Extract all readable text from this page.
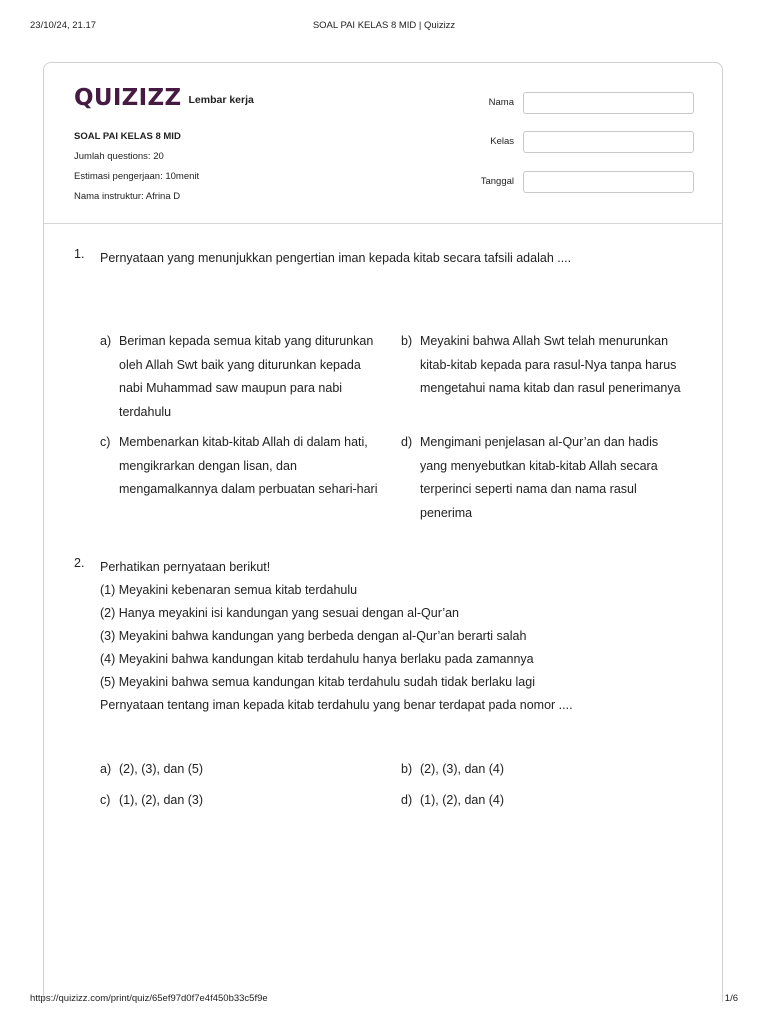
23/10/24, 21.17	SOAL PAI KELAS 8 MID | Quizizz
QUIZIZZ Lembar kerja
SOAL PAI KELAS 8 MID
Jumlah questions: 20
Estimasi pengerjaan: 10menit
Nama instruktur: Afrina D
Nama
Kelas
Tanggal
1. Pernyataan yang menunjukkan pengertian iman kepada kitab secara tafsili adalah ....
a) Beriman kepada semua kitab yang diturunkan
oleh Allah Swt baik yang diturunkan kepada
nabi Muhammad saw maupun para nabi
terdahulu
b) Meyakini bahwa Allah Swt telah menurunkan
kitab-kitab kepada para rasul-Nya tanpa harus
mengetahui nama kitab dan rasul penerimanya
c) Membenarkan kitab-kitab Allah di dalam hati,
mengikrarkan dengan lisan, dan
mengamalkannya dalam perbuatan sehari-hari
d) Mengimani penjelasan al-Qur’an dan hadis
yang menyebutkan kitab-kitab Allah secara
terperinci seperti nama dan nama rasul
penerima
2. Perhatikan pernyataan berikut!
(1) Meyakini kebenaran semua kitab terdahulu
(2) Hanya meyakini isi kandungan yang sesuai dengan al-Qur’an
(3) Meyakini bahwa kandungan yang berbeda dengan al-Qur’an berarti salah
(4) Meyakini bahwa kandungan kitab terdahulu hanya berlaku pada zamannya
(5) Meyakini bahwa semua kandungan kitab terdahulu sudah tidak berlaku lagi
Pernyataan tentang iman kepada kitab terdahulu yang benar terdapat pada nomor ....
a) (2), (3), dan (5)	b) (2), (3), dan (4)
c) (1), (2), dan (3)	d) (1), (2), dan (4)
https://quizizz.com/print/quiz/65ef97d0f7e4f450b33c5f9e	1/6
